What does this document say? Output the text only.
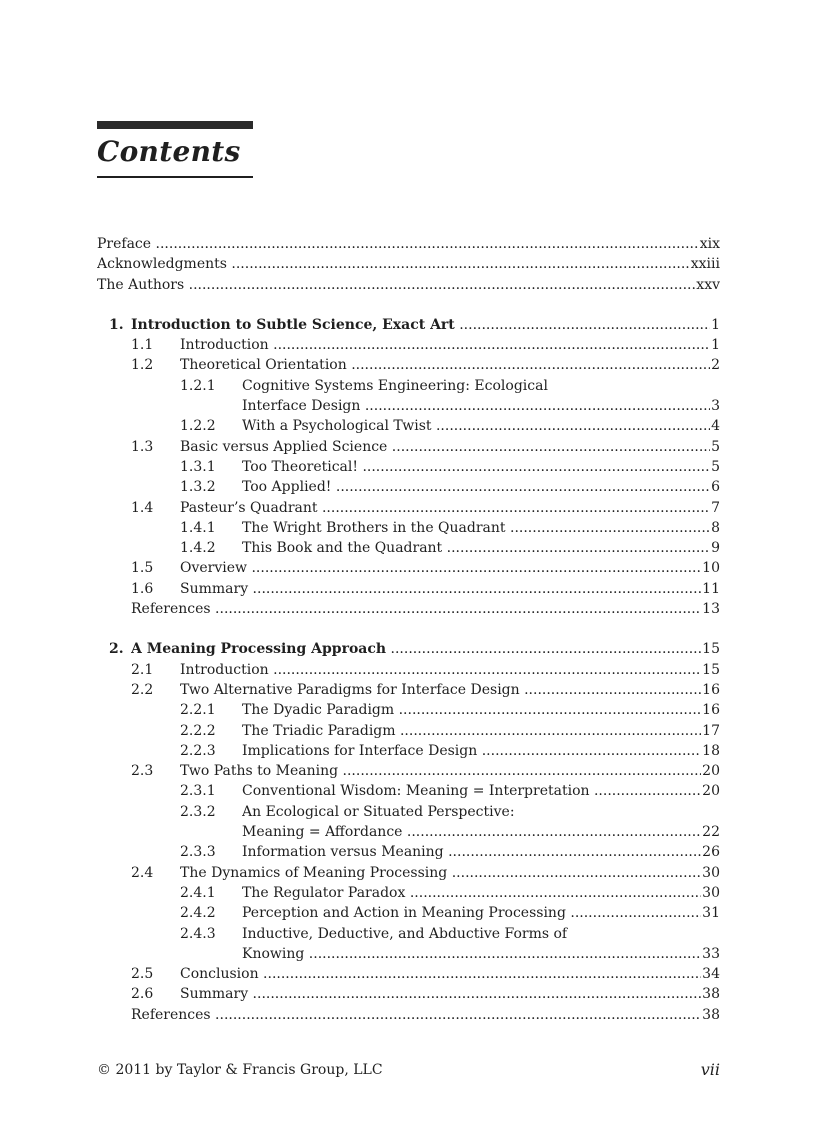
Contents
Preface .....	xix
Acknowledgments .....	xxiii
The Authors .....	xxv
1. Introduction to Subtle Science, Exact Art .....	1
1.1 Introduction .....	1
1.2 Theoretical Orientation .....	2
1.2.1 Cognitive Systems Engineering: Ecological
Interface Design .....	3
1.2.2 With a Psychological Twist .....	4
1.3 Basic versus Applied Science .....	5
1.3.1 Too Theoretical! .....	5
1.3.2 Too Applied! .....	6
1.4 Pasteur’s Quadrant .....	7
1.4.1 The Wright Brothers in the Quadrant .....	8
1.4.2 This Book and the Quadrant .....	9
1.5 Overview .....	10
1.6 Summary .....	11
References .....	13
2. A Meaning Processing Approach .....	15
2.1 Introduction .....	15
2.2 Two Alternative Paradigms for Interface Design .....	16
2.2.1 The Dyadic Paradigm .....	16
2.2.2 The Triadic Paradigm .....	17
2.2.3 Implications for Interface Design .....	18
2.3 Two Paths to Meaning .....	20
2.3.1 Conventional Wisdom: Meaning = Interpretation .....	20
2.3.2 An Ecological or Situated Perspective:
Meaning = Affordance .....	22
2.3.3 Information versus Meaning .....	26
2.4 The Dynamics of Meaning Processing .....	30
2.4.1 The Regulator Paradox .....	30
2.4.2 Perception and Action in Meaning Processing .....	31
2.4.3 Inductive, Deductive, and Abductive Forms of
Knowing .....	33
2.5 Conclusion .....	34
2.6 Summary .....	38
References .....	38
© 2011 by Taylor & Francis Group, LLC	vii
